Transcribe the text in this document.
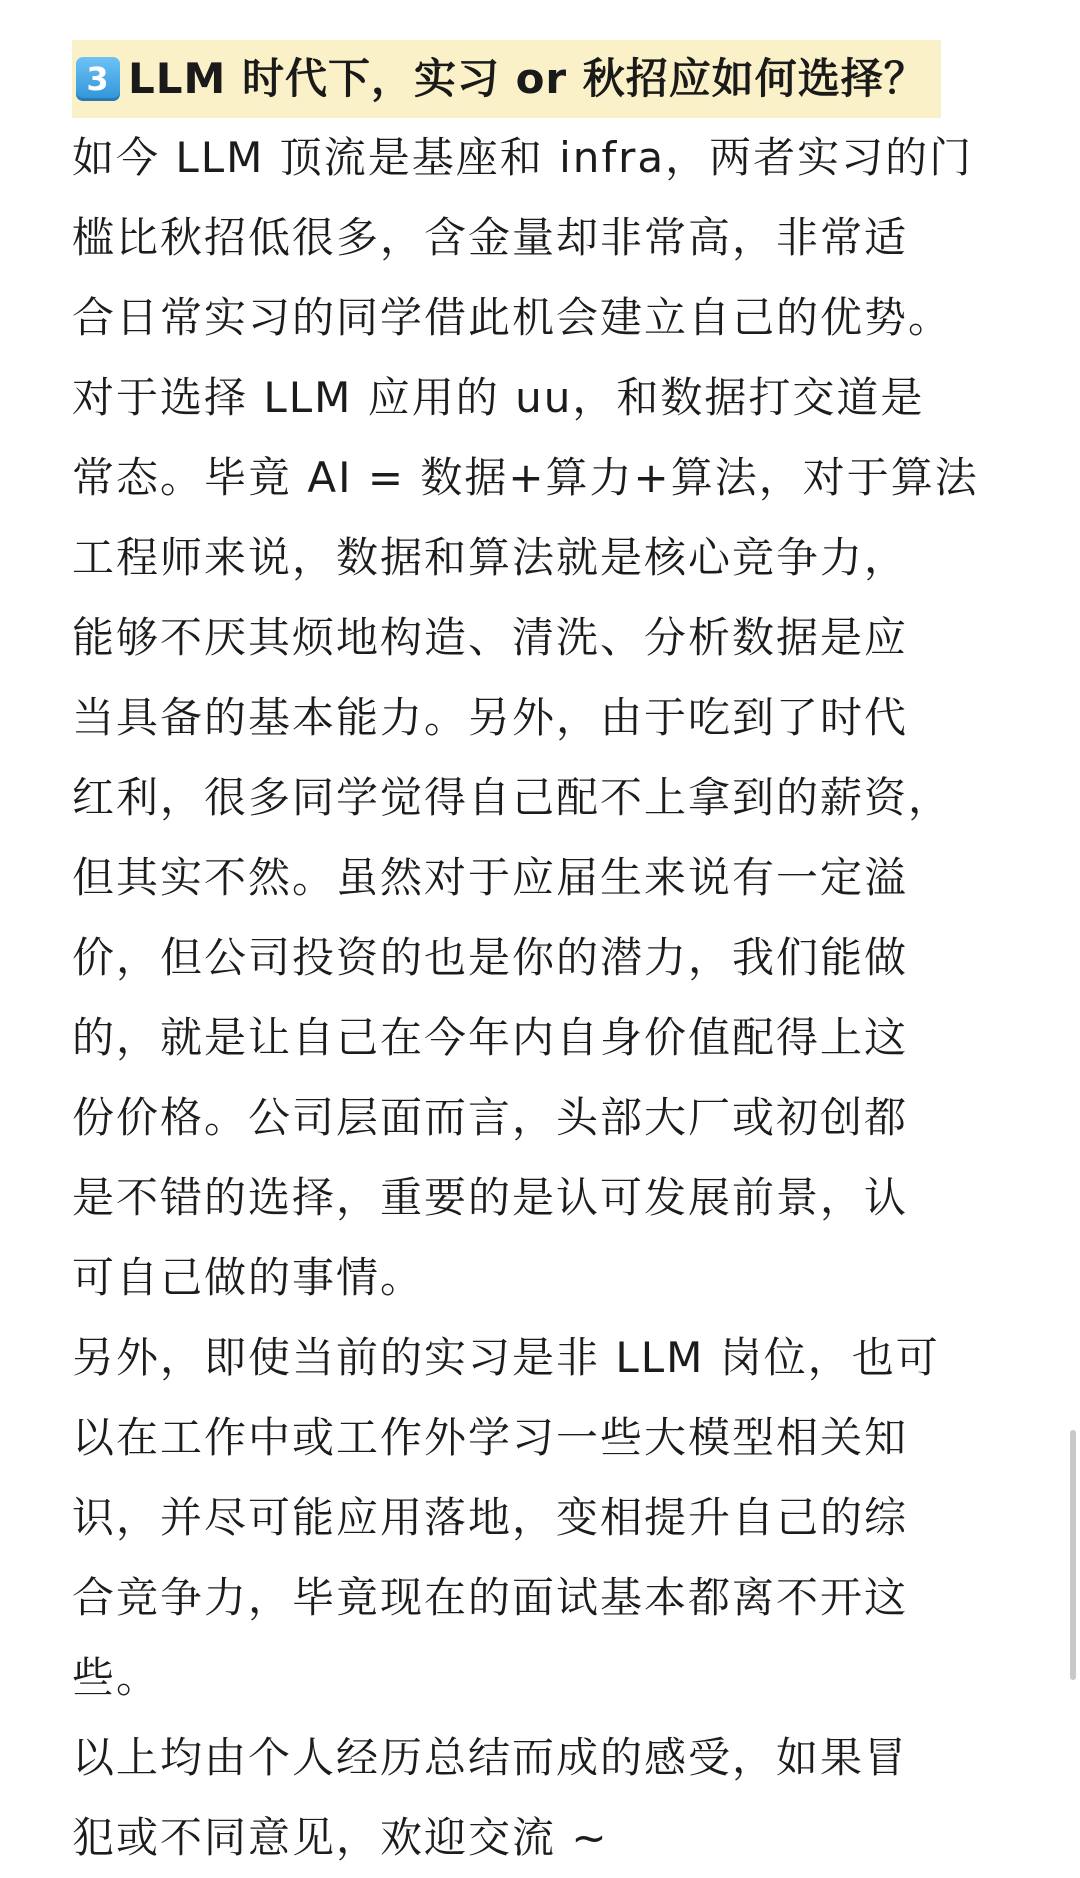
3 LLM 时代下，实习 or 秋招应如何选择？

如今 LLM 顶流是基座和 infra，两者实习的门
槛比秋招低很多，含金量却非常高，非常适
合日常实习的同学借此机会建立自己的优势。

对于选择 LLM 应用的 uu，和数据打交道是
常态。毕竟 AI = 数据+算力+算法，对于算法
工程师来说，数据和算法就是核心竞争力，
能够不厌其烦地构造、清洗、分析数据是应
当具备的基本能力。另外，由于吃到了时代
红利，很多同学觉得自己配不上拿到的薪资，
但其实不然。虽然对于应届生来说有一定溢
价，但公司投资的也是你的潜力，我们能做
的，就是让自己在今年内自身价值配得上这
份价格。公司层面而言，头部大厂或初创都
是不错的选择，重要的是认可发展前景，认
可自己做的事情。

另外，即使当前的实习是非 LLM 岗位，也可
以在工作中或工作外学习一些大模型相关知
识，并尽可能应用落地，变相提升自己的综
合竞争力，毕竟现在的面试基本都离不开这
些。

以上均由个人经历总结而成的感受，如果冒
犯或不同意见，欢迎交流 ~
